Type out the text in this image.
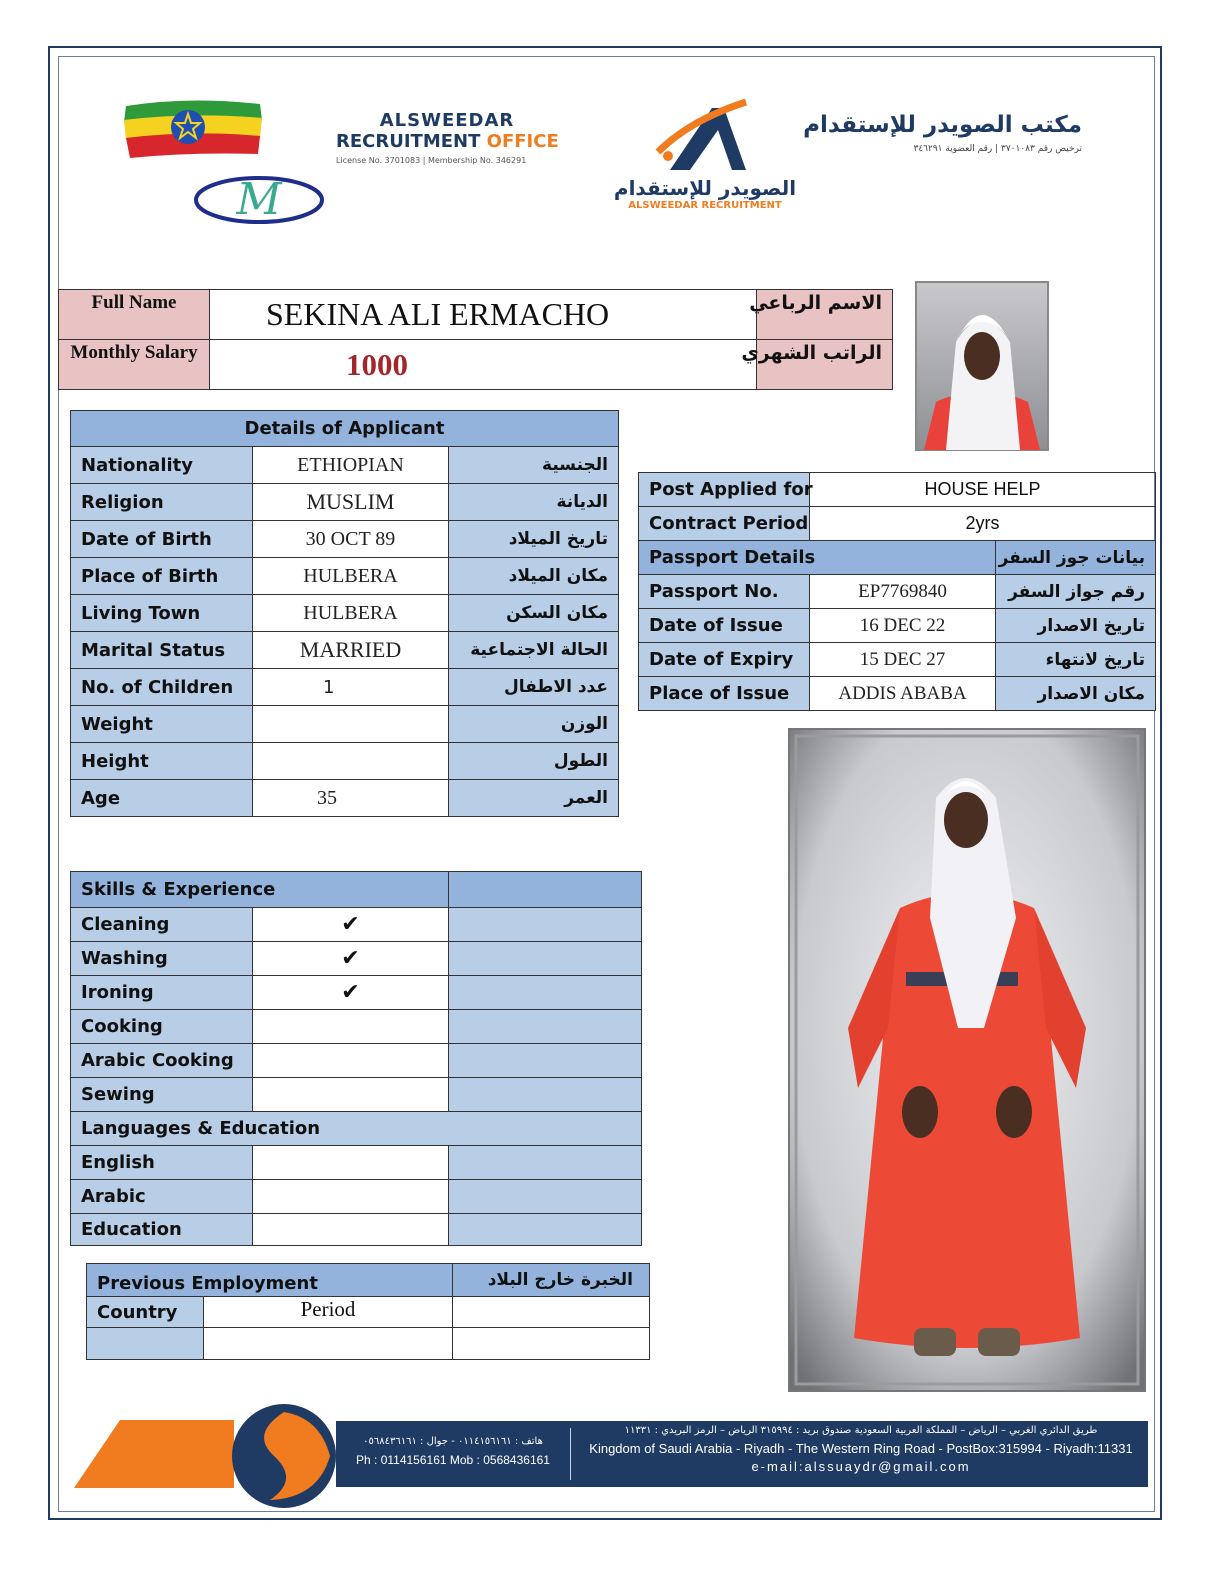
M
ALSWEEDAR
RECRUITMENT OFFICE
License No. 3701083 | Membership No. 346291
الصويدر للإستقدام
ALSWEEDAR RECRUITMENT
مكتب الصويدر للإستقدام
ترخيص رقم ٣٧٠١٠٨٣ | رقم العضوية ٣٤٦٢٩١
Full Name	SEKINA ALI ERMACHO	الاسم الرباعي
Monthly Salary	1000	الراتب الشهري
Details of Applicant		
Nationality	ETHIOPIAN	الجنسية
Religion	MUSLIM	الديانة
Date of Birth	30 OCT 89	تاريخ الميلاد
Place of Birth	HULBERA	مكان الميلاد
Living Town	HULBERA	مكان السكن
Marital Status	MARRIED	الحالة الاجتماعية
No. of Children	1	عدد الاطفال
Weight		الوزن
Height		الطول
Age	35	العمر
Post Applied for	HOUSE HELP	
Contract Period	2yrs	
Passport Details		بيانات جوز السفر
Passport No.	EP7769840	رقم جواز السفر
Date of Issue	16 DEC 22	تاريخ الاصدار
Date of Expiry	15 DEC 27	تاريخ لانتهاء
Place of Issue	ADDIS ABABA	مكان الاصدار
Skills & Experience		
Cleaning	✔	
Washing	✔	
Ironing	✔	
Cooking		
Arabic Cooking		
Sewing		
Languages & Education		
English		
Arabic		
Education		
Previous Employment		الخبرة خارج البلاد
Country	Period	

هاتف : ٠١١٤١٥٦١٦١ - جوال : ٠٥٦٨٤٣٦١٦١
Ph : 0114156161 Mob : 0568436161
طريق الدائري الغربي – الرياض – المملكة العربية السعودية صندوق بريد : ٣١٥٩٩٤ الرياض – الرمز البريدي : ١١٣٣١
Kingdom of Saudi Arabia - Riyadh - The Western Ring Road - PostBox:315994 - Riyadh:11331
e-mail:alssuaydr@gmail.com
